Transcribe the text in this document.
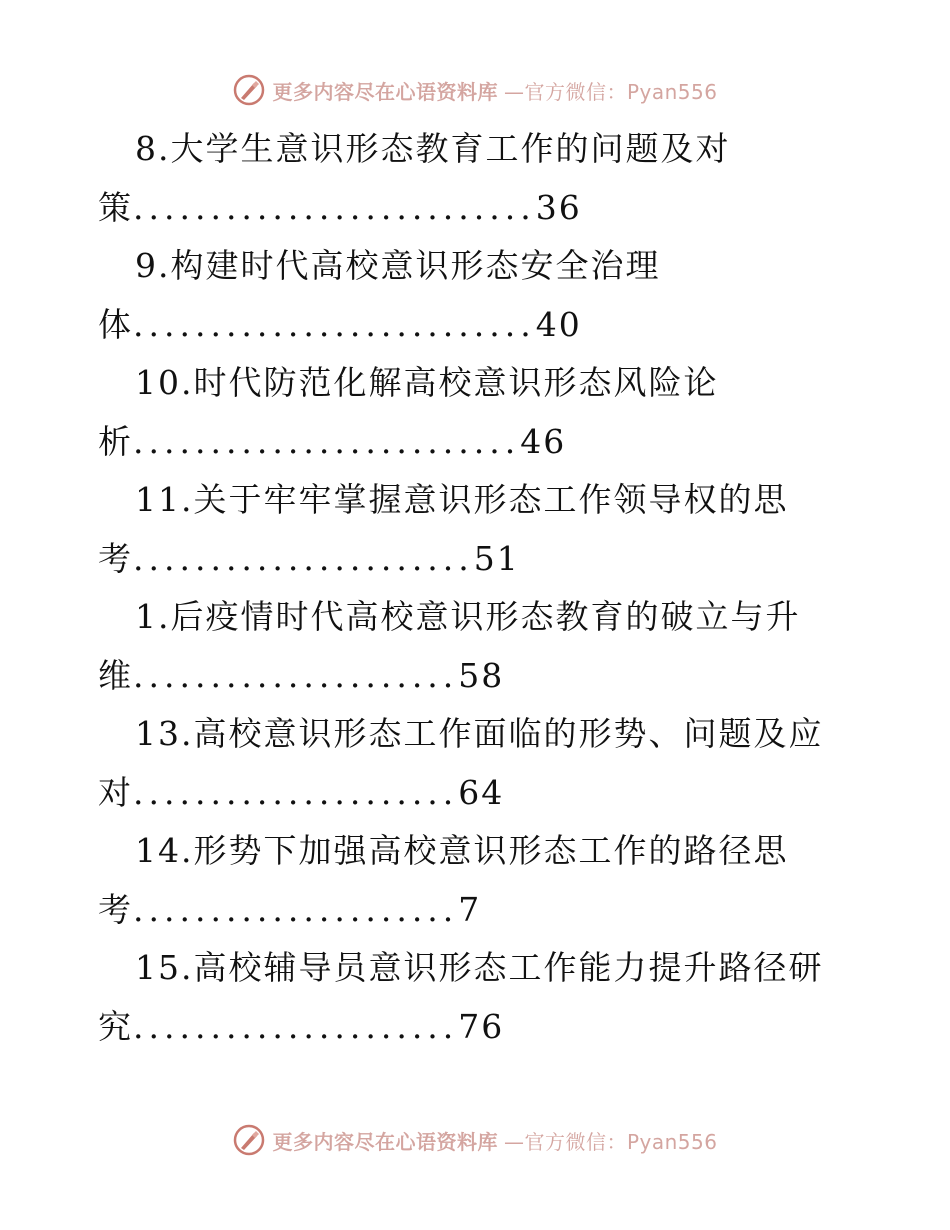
更多内容尽在心语资料库 —官方微信：Pyan556
8.大学生意识形态教育工作的问题及对
策..........................36
9.构建时代高校意识形态安全治理
体..........................40
10.时代防范化解高校意识形态风险论
析.........................46
11.关于牢牢掌握意识形态工作领导权的思
考......................51
1.后疫情时代高校意识形态教育的破立与升
维.....................58
13.高校意识形态工作面临的形势、问题及应
对.....................64
14.形势下加强高校意识形态工作的路径思
考.....................7
15.高校辅导员意识形态工作能力提升路径研
究.....................76
更多内容尽在心语资料库 —官方微信：Pyan556
